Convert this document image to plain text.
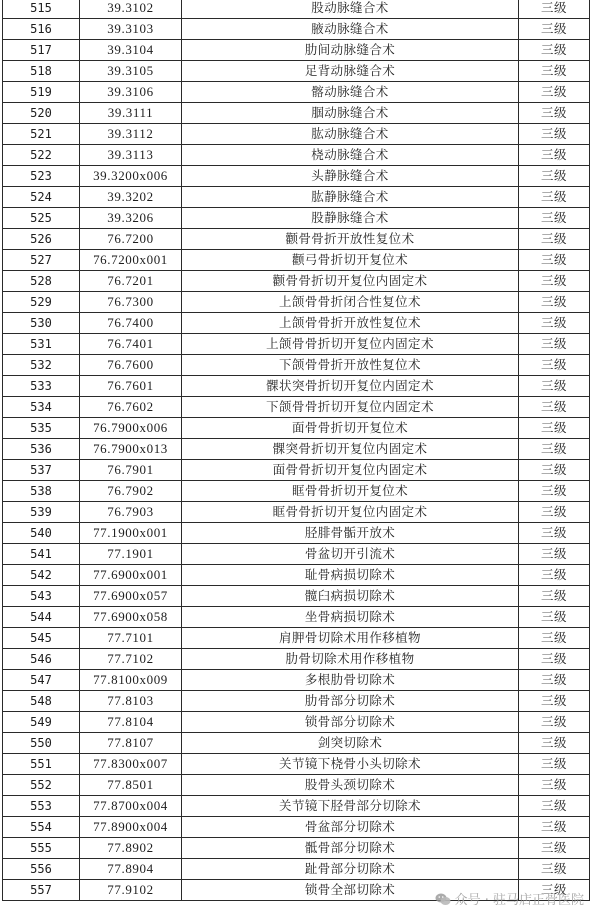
515	39.3102	股动脉缝合术	三级
516	39.3103	腋动脉缝合术	三级
517	39.3104	肋间动脉缝合术	三级
518	39.3105	足背动脉缝合术	三级
519	39.3106	髂动脉缝合术	三级
520	39.3111	腘动脉缝合术	三级
521	39.3112	肱动脉缝合术	三级
522	39.3113	桡动脉缝合术	三级
523	39.3200x006	头静脉缝合术	三级
524	39.3202	肱静脉缝合术	三级
525	39.3206	股静脉缝合术	三级
526	76.7200	颧骨骨折开放性复位术	三级
527	76.7200x001	颧弓骨折切开复位术	三级
528	76.7201	颧骨骨折切开复位内固定术	三级
529	76.7300	上颌骨骨折闭合性复位术	三级
530	76.7400	上颌骨骨折开放性复位术	三级
531	76.7401	上颌骨骨折切开复位内固定术	三级
532	76.7600	下颌骨骨折开放性复位术	三级
533	76.7601	髁状突骨折切开复位内固定术	三级
534	76.7602	下颌骨骨折切开复位内固定术	三级
535	76.7900x006	面骨骨折切开复位术	三级
536	76.7900x013	髁突骨折切开复位内固定术	三级
537	76.7901	面骨骨折切开复位内固定术	三级
538	76.7902	眶骨骨折切开复位术	三级
539	76.7903	眶骨骨折切开复位内固定术	三级
540	77.1900x001	胫腓骨骺开放术	三级
541	77.1901	骨盆切开引流术	三级
542	77.6900x001	耻骨病损切除术	三级
543	77.6900x057	髋臼病损切除术	三级
544	77.6900x058	坐骨病损切除术	三级
545	77.7101	肩胛骨切除术用作移植物	三级
546	77.7102	肋骨切除术用作移植物	三级
547	77.8100x009	多根肋骨切除术	三级
548	77.8103	肋骨部分切除术	三级
549	77.8104	锁骨部分切除术	三级
550	77.8107	剑突切除术	三级
551	77.8300x007	关节镜下桡骨小头切除术	三级
552	77.8501	股骨头颈切除术	三级
553	77.8700x004	关节镜下胫骨部分切除术	三级
554	77.8900x004	骨盆部分切除术	三级
555	77.8902	骶骨部分切除术	三级
556	77.8904	趾骨部分切除术	三级
557	77.9102	锁骨全部切除术	三级
众号 · 驻马店正骨医院
